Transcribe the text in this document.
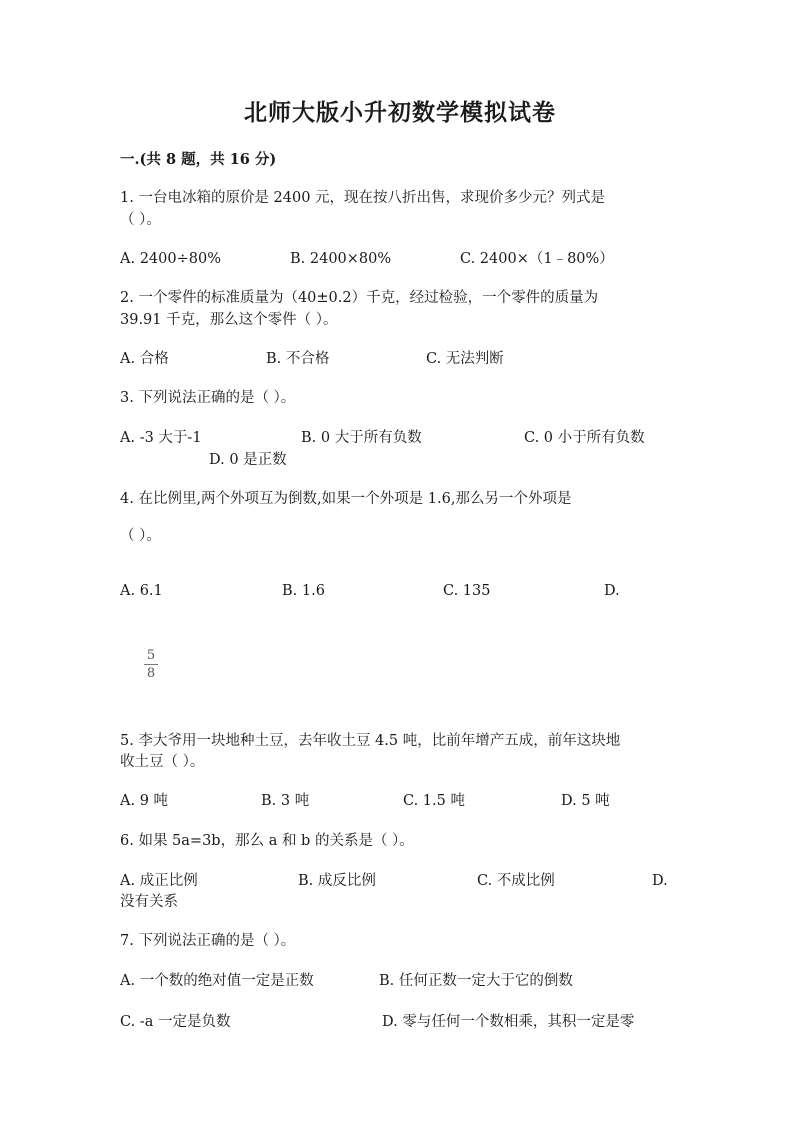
北师大版小升初数学模拟试卷
一.(共 8 题，共 16 分)
1. 一台电冰箱的原价是 2400 元，现在按八折出售，求现价多少元？列式是
（ ）。
A. 2400÷80%	B. 2400×80%	C. 2400×（1﹣80%）
2. 一个零件的标准质量为（40±0.2）千克，经过检验，一个零件的质量为
39.91 千克，那么这个零件（ ）。
A. 合格	B. 不合格	C. 无法判断
3. 下列说法正确的是（ ）。
A. -3 大于-1	B. 0 大于所有负数	C. 0 小于所有负数
D. 0 是正数
4. 在比例里,两个外项互为倒数,如果一个外项是 1.6,那么另一个外项是
（ ）。
A. 6.1	B. 1.6	C. 135	D.
5
8
5. 李大爷用一块地种土豆，去年收土豆 4.5 吨，比前年增产五成，前年这块地
收土豆（ ）。
A. 9 吨	B. 3 吨	C. 1.5 吨	D. 5 吨
6. 如果 5a=3b，那么 a 和 b 的关系是（ ）。
A. 成正比例	B. 成反比例	C. 不成比例	D.
没有关系
7. 下列说法正确的是（ ）。
A. 一个数的绝对值一定是正数	B. 任何正数一定大于它的倒数
C. -a 一定是负数	D. 零与任何一个数相乘，其积一定是零
